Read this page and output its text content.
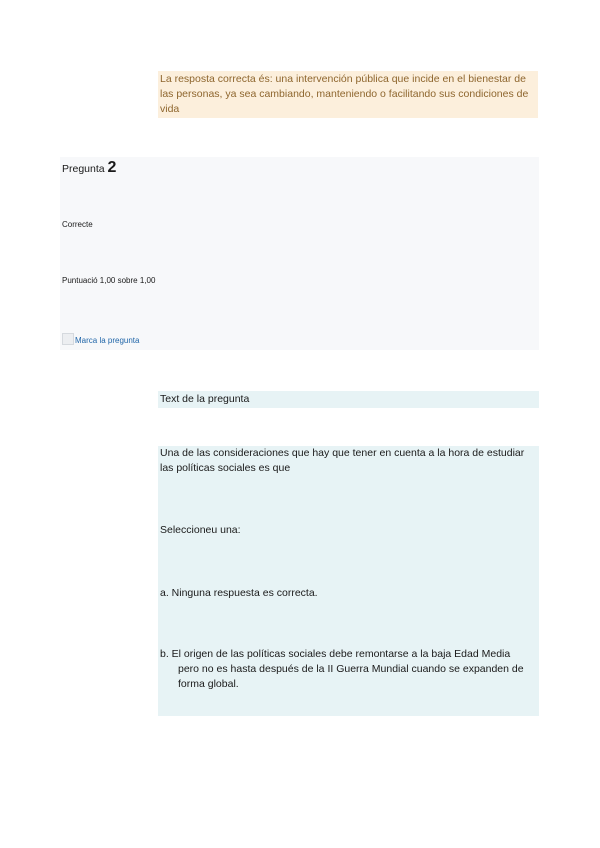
La resposta correcta és: una intervención pública que incide en el bienestar de las personas, ya sea cambiando, manteniendo o facilitando sus condiciones de vida
Pregunta 2
Correcte
Puntuació 1,00 sobre 1,00
Marca la pregunta
Text de la pregunta
Una de las consideraciones que hay que tener en cuenta a la hora de estudiar las políticas sociales es que
Seleccioneu una:
a. Ninguna respuesta es correcta.
b. El origen de las políticas sociales debe remontarse a la baja Edad Media pero no es hasta después de la II Guerra Mundial cuando se expanden de forma global.
